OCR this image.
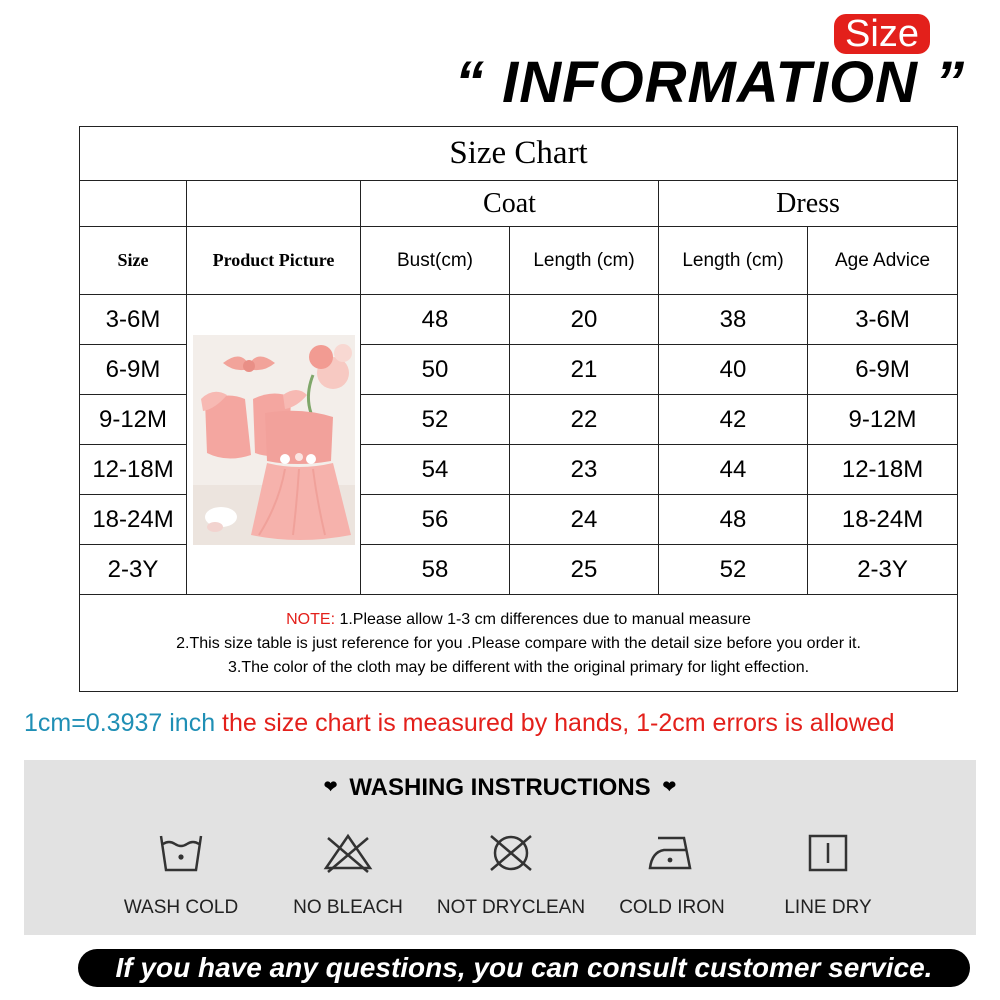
Size
“ INFORMATION ”
Size Chart					
		Coat		Dress	
Size	Product Picture	Bust(cm)	Length (cm)	Length (cm)	Age Advice
3-6M		48	20	38	3-6M
6-9M		50	21	40	6-9M
9-12M		52	22	42	9-12M
12-18M		54	23	44	12-18M
18-24M		56	24	48	18-24M
2-3Y		58	25	52	2-3Y

NOTE: 1.Please allow 1-3 cm differences due to manual measure
2.This size table is just reference for you .Please compare with the detail size before you order it.
3.The color of the cloth may be different with the original primary for light effection.					
1cm=0.3937 inch the size chart is measured by hands, 1-2cm errors is allowed
❤ WASHING INSTRUCTIONS ❤
WASH COLD	NO BLEACH	NOT DRYCLEAN	COLD IRON	LINE DRY
If you have any questions, you can consult customer service.
